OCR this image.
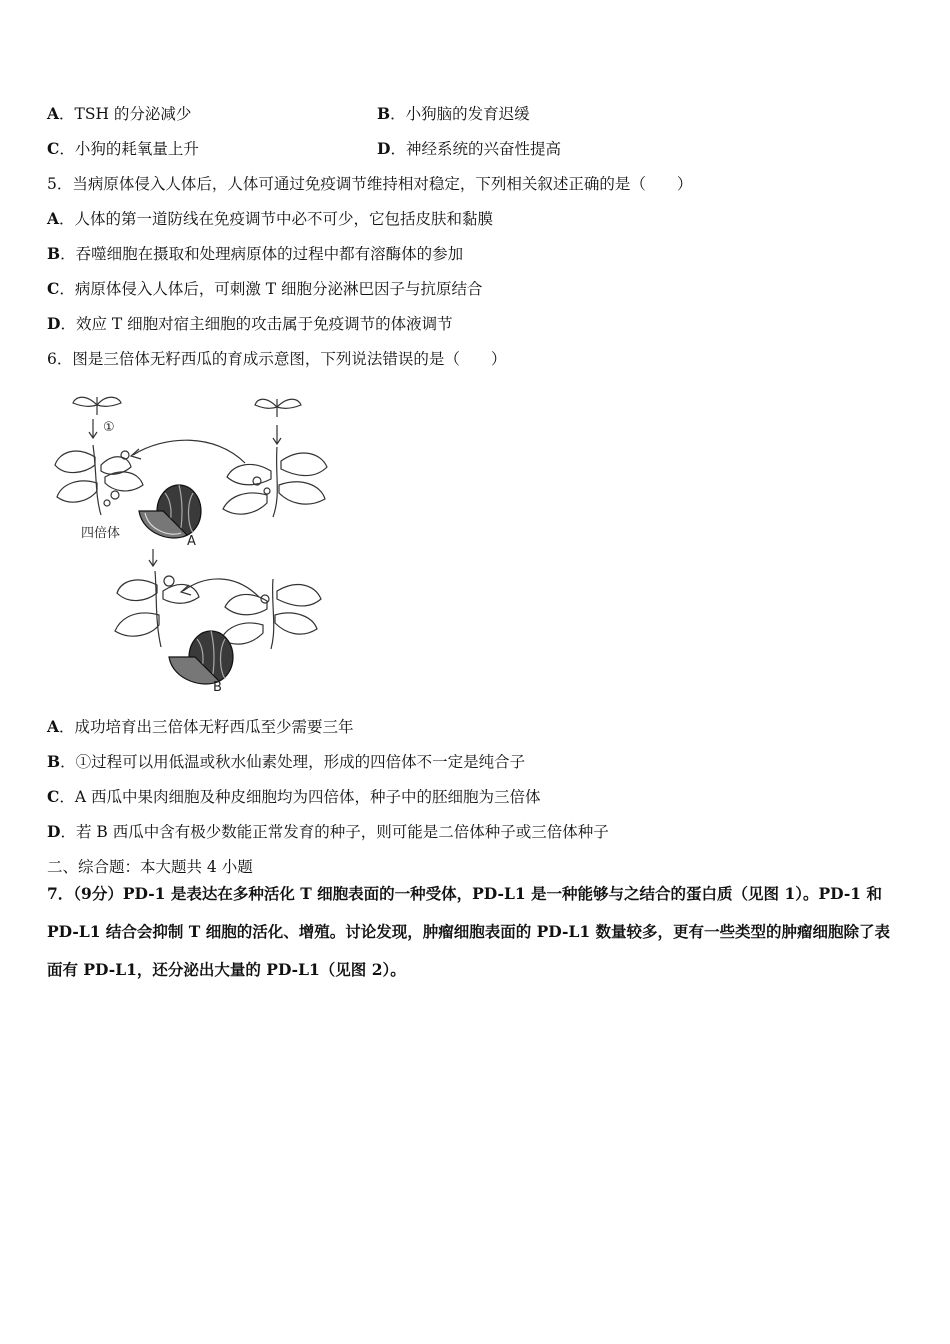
A．TSH 的分泌减少	B．小狗脑的发育迟缓
C．小狗的耗氧量上升	D．神经系统的兴奋性提高
5．当病原体侵入人体后，人体可通过免疫调节维持相对稳定，下列相关叙述正确的是（　　）
A．人体的第一道防线在免疫调节中必不可少，它包括皮肤和黏膜
B．吞噬细胞在摄取和处理病原体的过程中都有溶酶体的参加
C．病原体侵入人体后，可刺激 T 细胞分泌淋巴因子与抗原结合
D．效应 T 细胞对宿主细胞的攻击属于免疫调节的体液调节
6．图是三倍体无籽西瓜的育成示意图，下列说法错误的是（　　）
①
四倍体
A
B
A．成功培育出三倍体无籽西瓜至少需要三年
B．①过程可以用低温或秋水仙素处理，形成的四倍体不一定是纯合子
C．A 西瓜中果肉细胞及种皮细胞均为四倍体，种子中的胚细胞为三倍体
D．若 B 西瓜中含有极少数能正常发育的种子，则可能是二倍体种子或三倍体种子
二、综合题：本大题共 4 小题
7．（9分）PD-1 是表达在多种活化 T 细胞表面的一种受体，PD-L1 是一种能够与之结合的蛋白质（见图 1）。PD-1 和 PD-L1 结合会抑制 T 细胞的活化、增殖。讨论发现，肿瘤细胞表面的 PD-L1 数量较多，更有一些类型的肿瘤细胞除了表面有 PD-L1，还分泌出大量的 PD-L1（见图 2）。
